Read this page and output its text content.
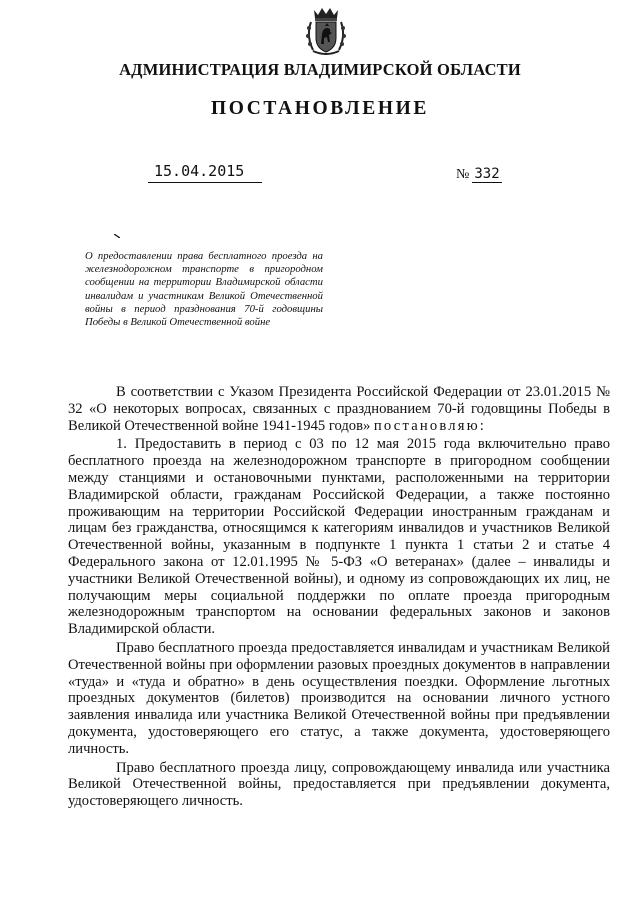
АДМИНИСТРАЦИЯ ВЛАДИМИРСКОЙ ОБЛАСТИ
ПОСТАНОВЛЕНИЕ
15.04.2015	№ 332
О предоставлении права бесплатного проезда на железнодорожном транспорте в пригородном сообщении на территории Владимирской области инвалидам и участникам Великой Отечественной войны в период празднования 70-й годовщины Победы в Великой Отечественной войне

В соответствии с Указом Президента Российской Федерации от 23.01.2015 № 32 «О некоторых вопросах, связанных с празднованием 70-й годовщины Победы в Великой Отечественной войне 1941-1945 годов» постановляю:

1. Предоставить в период с 03 по 12 мая 2015 года включительно право бесплатного проезда на железнодорожном транспорте в пригородном сообщении между станциями и остановочными пунктами, расположенными на территории Владимирской области, гражданам Российской Федерации, а также постоянно проживающим на территории Российской Федерации иностранным гражданам и лицам без гражданства, относящимся к категориям инвалидов и участников Великой Отечественной войны, указанным в подпункте 1 пункта 1 статьи 2 и статье 4 Федерального закона от 12.01.1995 № 5-ФЗ «О ветеранах» (далее – инвалиды и участники Великой Отечественной войны), и одному из сопровождающих их лиц, не получающим меры социальной поддержки по оплате проезда пригородным железнодорожным транспортом на основании федеральных законов и законов Владимирской области.

Право бесплатного проезда предоставляется инвалидам и участникам Великой Отечественной войны при оформлении разовых проездных документов в направлении «туда» и «туда и обратно» в день осуществления поездки. Оформление льготных проездных документов (билетов) производится на основании личного устного заявления инвалида или участника Великой Отечественной войны при предъявлении документа, удостоверяющего его статус, а также документа, удостоверяющего личность.

Право бесплатного проезда лицу, сопровождающему инвалида или участника Великой Отечественной войны, предоставляется при предъявлении документа, удостоверяющего личность.
